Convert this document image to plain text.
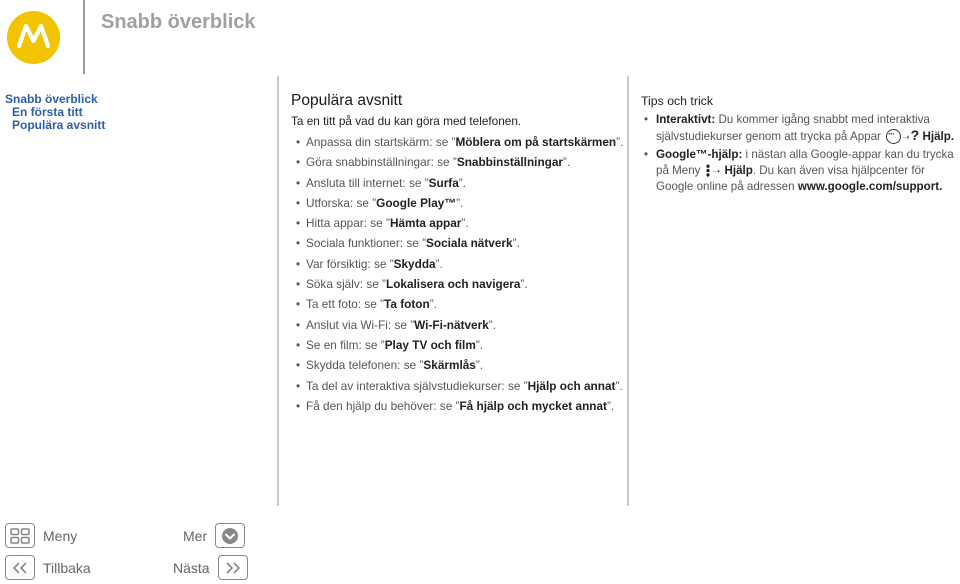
Snabb överblick
Snabb överblick
En första titt
Populära avsnitt
Populära avsnitt

Ta en titt på vad du kan göra med telefonen.

• Anpassa din startskärm: se ”Möblera om på startskärmen”.
• Göra snabbinställningar: se ”Snabbinställningar”.
• Ansluta till internet: se ”Surfa”.
• Utforska: se ”Google Play™”.
• Hitta appar: se ”Hämta appar”.
• Sociala funktioner: se ”Sociala nätverk”.
• Var försiktig: se ”Skydda”.
• Söka själv: se ”Lokalisera och navigera”.
• Ta ett foto: se ”Ta foton”.
• Anslut via Wi-Fi: se ”Wi-Fi-nätverk”.
• Se en film: se ”Play TV och film”.
• Skydda telefonen: se ”Skärmlås”.
• Ta del av interaktiva självstudiekurser: se ”Hjälp och annat”.
• Få den hjälp du behöver: se ”Få hjälp och mycket annat”.
Tips och trick
• Interaktivt: Du kommer igång snabbt med interaktiva självstudiekurser genom att trycka på Appar ···➝? Hjälp.
• Google™-hjälp: i nästan alla Google-appar kan du trycka på Meny ➝ Hjälp. Du kan även visa hjälpcenter för Google online på adressen www.google.com/support.
Meny
Tillbaka
Mer
Nästa
